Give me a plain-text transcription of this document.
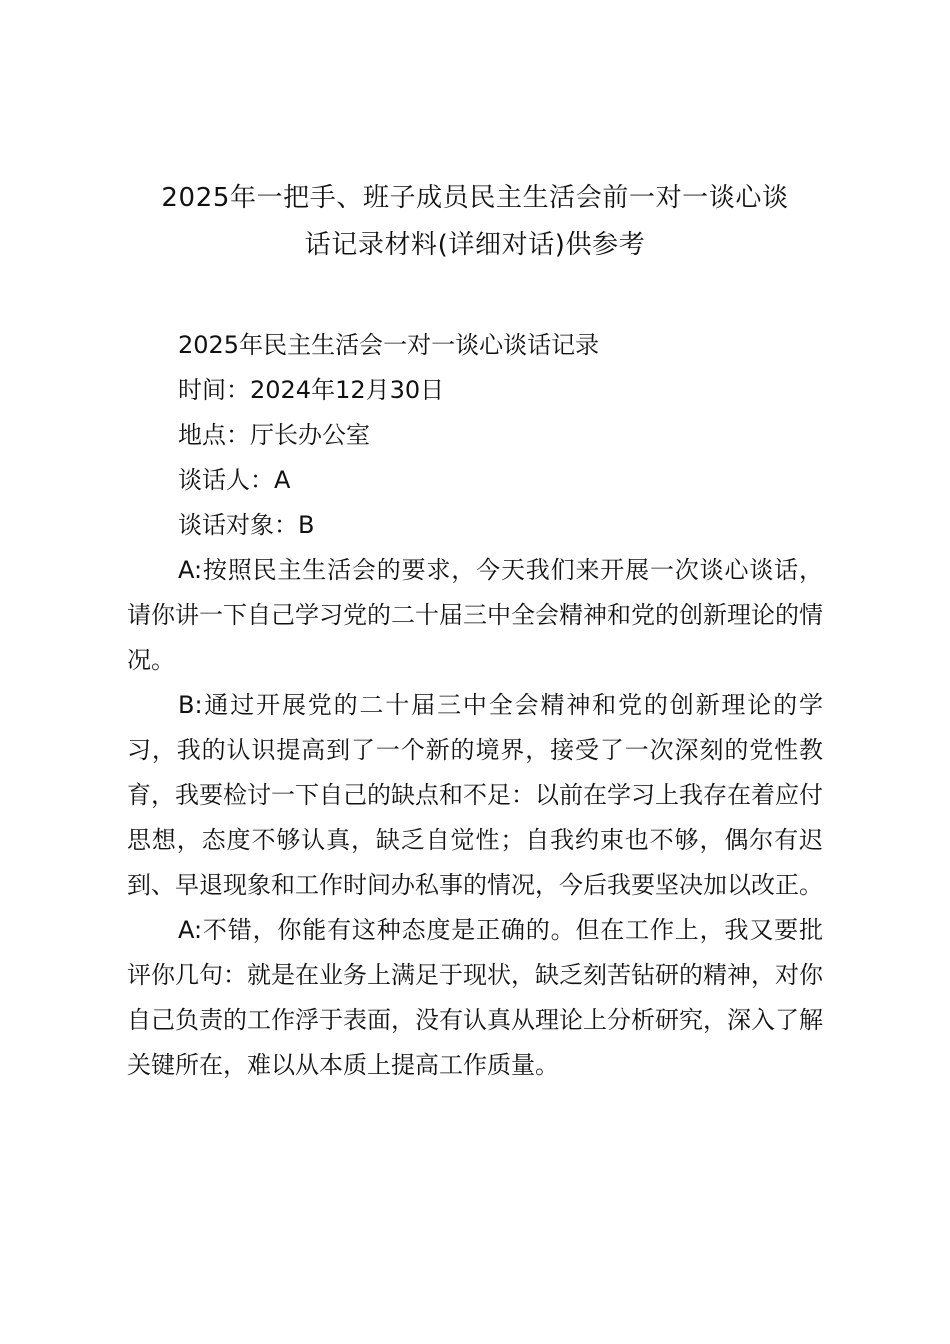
2025年一把手、班子成员民主生活会前一对一谈心谈
话记录材料(详细对话)供参考

2025年民主生活会一对一谈心谈话记录

时间：2024年12月30日

地点：厅长办公室

谈话人：A

谈话对象：B

A:按照民主生活会的要求，今天我们来开展一次谈心谈话，请你讲一下自己学习党的二十届三中全会精神和党的创新理论的情况。

B:通过开展党的二十届三中全会精神和党的创新理论的学习，我的认识提高到了一个新的境界，接受了一次深刻的党性教育，我要检讨一下自己的缺点和不足：以前在学习上我存在着应付思想，态度不够认真，缺乏自觉性；自我约束也不够，偶尔有迟到、早退现象和工作时间办私事的情况，今后我要坚决加以改正。

A:不错，你能有这种态度是正确的。但在工作上，我又要批评你几句：就是在业务上满足于现状，缺乏刻苦钻研的精神，对你自己负责的工作浮于表面，没有认真从理论上分析研究，深入了解关键所在，难以从本质上提高工作质量。
